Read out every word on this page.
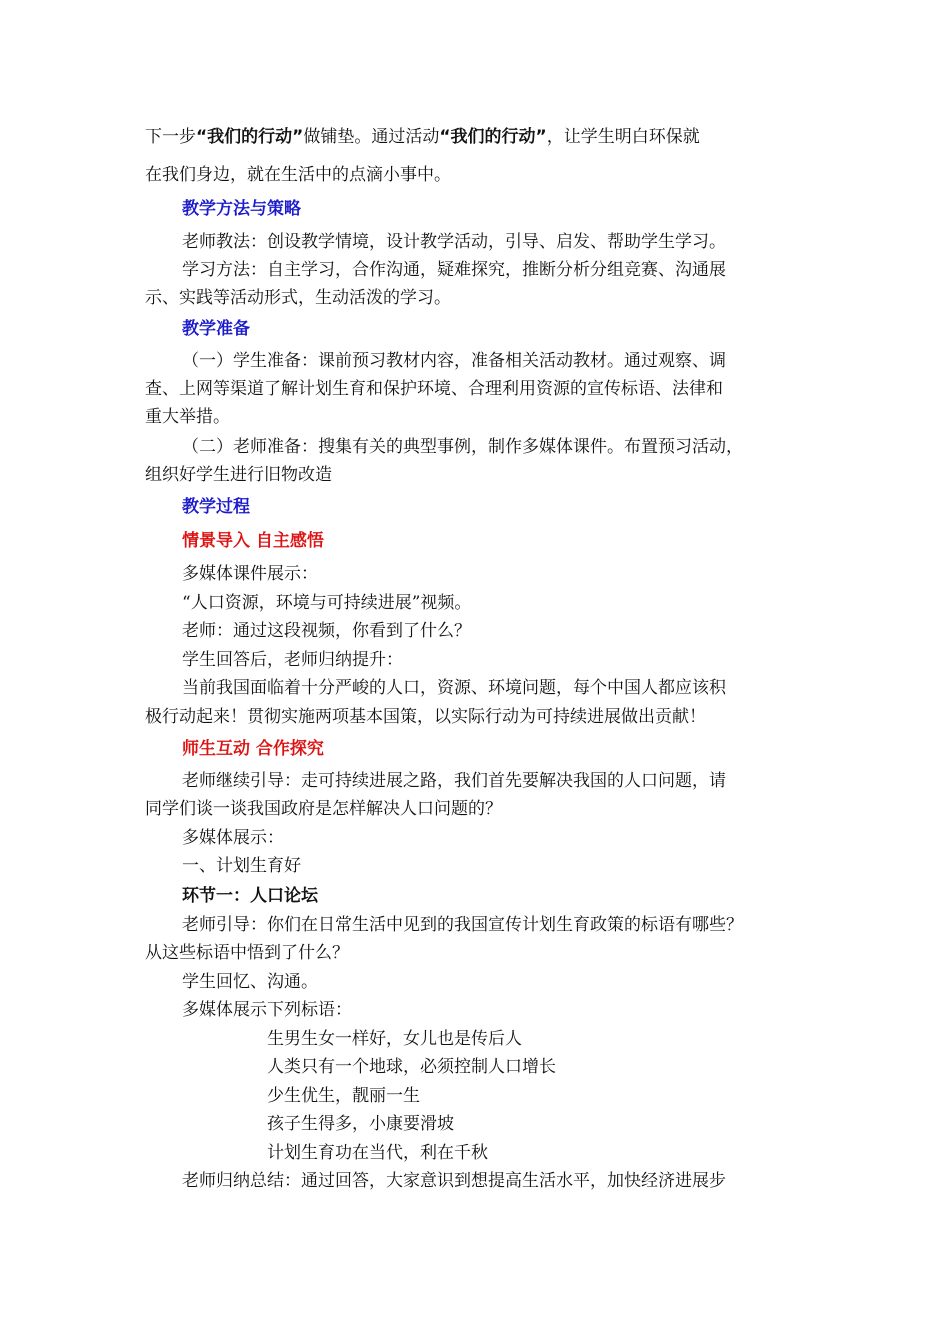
下一步“我们的行动”做铺垫。通过活动“我们的行动”，让学生明白环保就
在我们身边，就在生活中的点滴小事中。
教学方法与策略
老师教法：创设教学情境，设计教学活动，引导、启发、帮助学生学习。
学习方法：自主学习，合作沟通，疑难探究，推断分析分组竞赛、沟通展
示、实践等活动形式，生动活泼的学习。
教学准备
（一）学生准备：课前预习教材内容，准备相关活动教材。通过观察、调
查、上网等渠道了解计划生育和保护环境、合理利用资源的宣传标语、法律和
重大举措。
（二）老师准备：搜集有关的典型事例，制作多媒体课件。布置预习活动，
组织好学生进行旧物改造
教学过程
情景导入 自主感悟
多媒体课件展示：
“人口资源，环境与可持续进展”视频。
老师：通过这段视频，你看到了什么？
学生回答后，老师归纳提升：
当前我国面临着十分严峻的人口，资源、环境问题，每个中国人都应该积
极行动起来！贯彻实施两项基本国策，以实际行动为可持续进展做出贡献！
师生互动 合作探究
老师继续引导：走可持续进展之路，我们首先要解决我国的人口问题，请
同学们谈一谈我国政府是怎样解决人口问题的？
多媒体展示：
一、计划生育好
环节一：人口论坛
老师引导：你们在日常生活中见到的我国宣传计划生育政策的标语有哪些？
从这些标语中悟到了什么？
学生回忆、沟通。
多媒体展示下列标语：
生男生女一样好，女儿也是传后人
人类只有一个地球，必须控制人口增长
少生优生，靓丽一生
孩子生得多，小康要滑坡
计划生育功在当代，利在千秋
老师归纳总结：通过回答，大家意识到想提高生活水平，加快经济进展步
